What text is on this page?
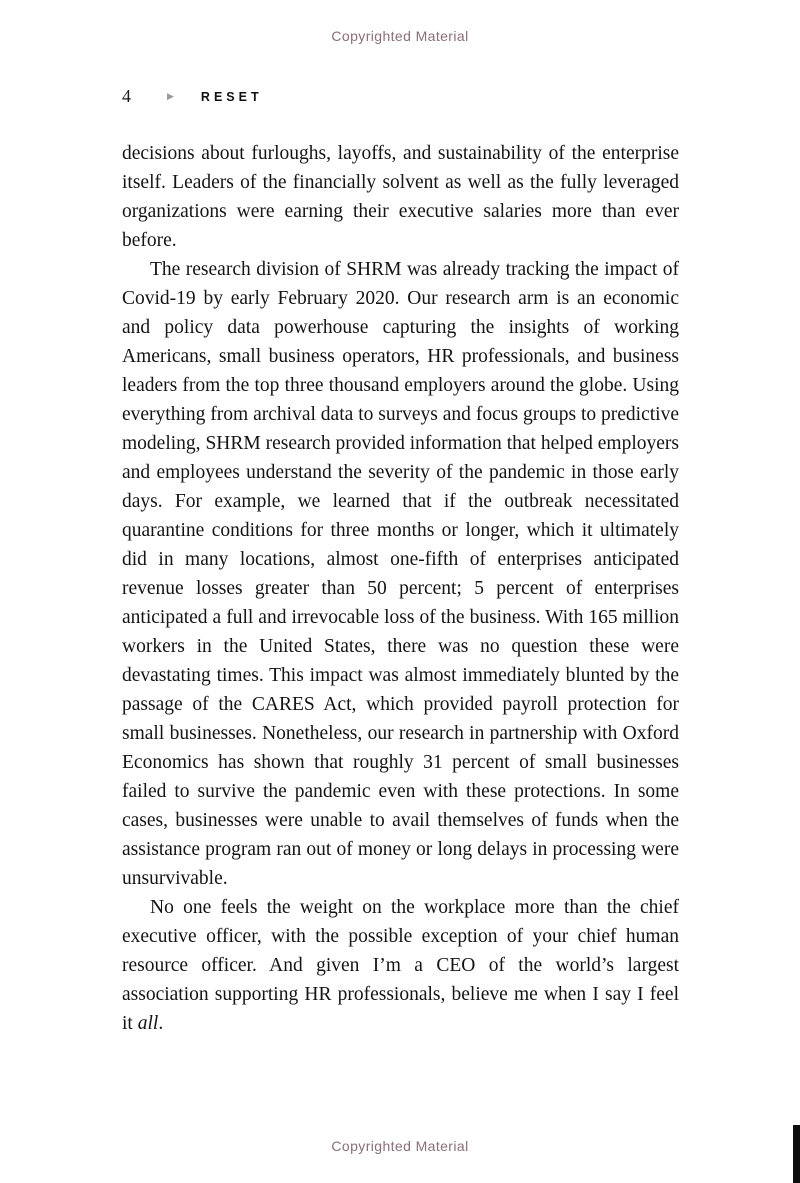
Copyrighted Material
4	▶ RESET

decisions about furloughs, layoffs, and sustainability of the enterprise itself. Leaders of the financially solvent as well as the fully leveraged organizations were earning their executive salaries more than ever before.

The research division of SHRM was already tracking the impact of Covid-19 by early February 2020. Our research arm is an economic and policy data powerhouse capturing the insights of working Americans, small business operators, HR professionals, and business leaders from the top three thousand employers around the globe. Using everything from archival data to surveys and focus groups to predictive modeling, SHRM research provided information that helped employers and employees understand the severity of the pandemic in those early days. For example, we learned that if the outbreak necessitated quarantine conditions for three months or longer, which it ultimately did in many locations, almost one-fifth of enterprises anticipated revenue losses greater than 50 percent; 5 percent of enterprises anticipated a full and irrevocable loss of the business. With 165 million workers in the United States, there was no question these were devastating times. This impact was almost immediately blunted by the passage of the CARES Act, which provided payroll protection for small businesses. Nonetheless, our research in partnership with Oxford Economics has shown that roughly 31 percent of small businesses failed to survive the pandemic even with these protections. In some cases, businesses were unable to avail themselves of funds when the assistance program ran out of money or long delays in processing were unsurvivable.

No one feels the weight on the workplace more than the chief executive officer, with the possible exception of your chief human resource officer. And given I’m a CEO of the world’s largest association supporting HR professionals, believe me when I say I feel it all.

Copyrighted Material
